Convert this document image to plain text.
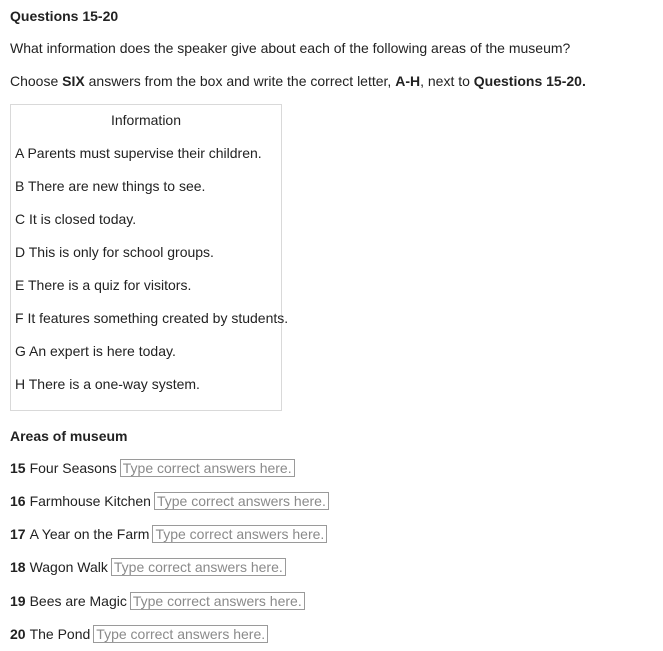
Questions 15-20
What information does the speaker give about each of the following areas of the museum?
Choose SIX answers from the box and write the correct letter, A-H, next to Questions 15-20.
Information
A Parents must supervise their children.
B There are new things to see.
C It is closed today.
D This is only for school groups.
E There is a quiz for visitors.
F It features something created by students.
G An expert is here today.
H There is a one-way system.
Areas of museum
15 Four Seasons
Type correct answers here...
16 Farmhouse Kitchen
Type correct answers here...
17 A Year on the Farm
Type correct answers here...
18 Wagon Walk
Type correct answers here...
19 Bees are Magic
Type correct answers here...
20 The Pond
Type correct answers here...
